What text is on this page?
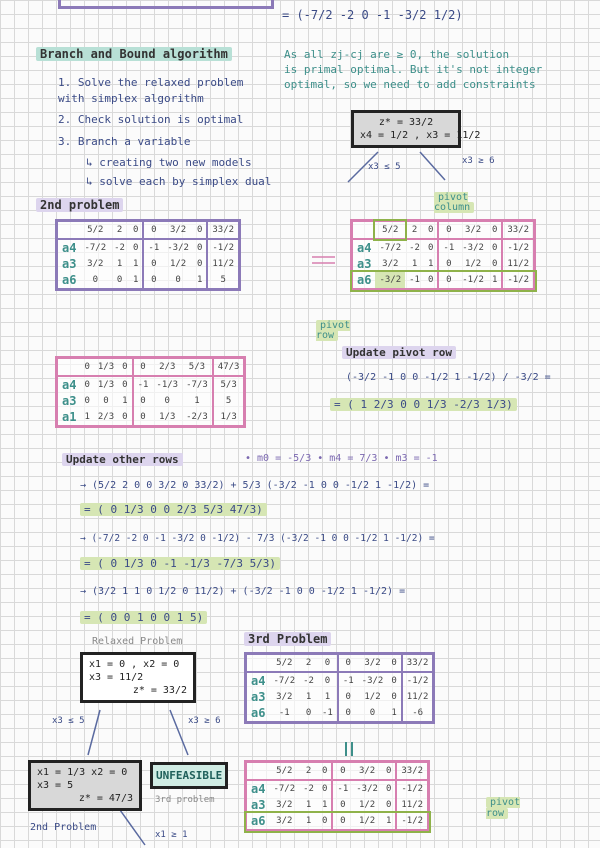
= (-7/2 -2 0 -1 -3/2 1/2)
Branch and Bound algorithm
1. Solve the relaxed problem
with simplex algorithm
2. Check solution is optimal
3. Branch a variable
↳ creating two new models
↳ solve each by simplex dual
As all zj-cj are ≥ 0, the solution
is primal optimal. But it's not integer
optimal, so we need to add constraints
z* = 33/2
x4 = 1/2 , x3 = 11/2
x3 ≤ 5
x3 ≥ 6
pivot column
2nd problem
	5/2	2	0	0	3/2	0	33/2
a4	-7/2	-2	0	-1	-3/2	0	-1/2
a3	3/2	1	1	0	1/2	0	11/2
a6	0	0	1	0	0	1	5
	5/2	2	0	0	3/2	0	33/2
a4	-7/2	-2	0	-1	-3/2	0	-1/2
a3	3/2	1	1	0	1/2	0	11/2
a6	-3/2	-1	0	0	-1/2	1	-1/2
pivot row
	0	1/3	0	0	2/3	5/3	47/3
a4	0	1/3	0	-1	-1/3	-7/3	5/3
a3	0	0	1	0	0	1	5
a1	1	2/3	0	0	1/3	-2/3	1/3
Update pivot row
(-3/2 -1 0 0 -1/2 1 -1/2) / -3/2 =
= ( 1 2/3 0 0 1/3 -2/3 1/3)
Update other rows	• m0 = -5/3 • m4 = 7/3 • m3 = -1
→ (5/2 2 0 0 3/2 0 33/2) + 5/3 (-3/2 -1 0 0 -1/2 1 -1/2) =
= ( 0 1/3 0 0 2/3 5/3 47/3)
→ (-7/2 -2 0 -1 -3/2 0 -1/2) - 7/3 (-3/2 -1 0 0 -1/2 1 -1/2) =
= ( 0 1/3 0 -1 -1/3 -7/3 5/3)
→ (3/2 1 1 0 1/2 0 11/2) + (-3/2 -1 0 0 -1/2 1 -1/2) =
= ( 0 0 1 0 0 1 5)
Relaxed Problem
x1 = 0 , x2 = 0
x3 = 11/2
z* = 33/2
x3 ≤ 5	x3 ≥ 6
x1 = 1/3 x2 = 0
x3 = 5
z* = 47/3
UNFEASIBLE
3rd problem
2nd Problem
x1 ≥ 1
3rd Problem
	5/2	2	0	0	3/2	0	33/2
a4	-7/2	-2	0	-1	-3/2	0	-1/2
a3	3/2	1	1	0	1/2	0	11/2
a6	-1	0	-1	0	0	1	-6
	5/2	2	0	0	3/2	0	33/2
a4	-7/2	-2	0	-1	-3/2	0	-1/2
a3	3/2	1	1	0	1/2	0	11/2
a6	3/2	1	0	0	1/2	1	-1/2
pivot row
